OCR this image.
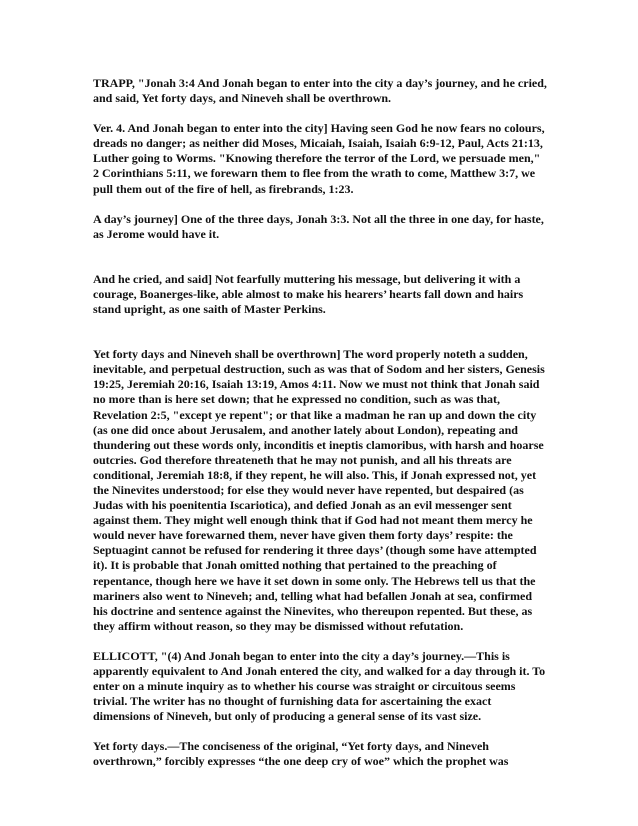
TRAPP, "Jonah 3:4 And Jonah began to enter into the city a day’s journey, and he cried, and said, Yet forty days, and Nineveh shall be overthrown.

Ver. 4. And Jonah began to enter into the city] Having seen God he now fears no colours, dreads no danger; as neither did Moses, Micaiah, Isaiah, Isaiah 6:9-12, Paul, Acts 21:13, Luther going to Worms. "Knowing therefore the terror of the Lord, we persuade men," 2 Corinthians 5:11, we forewarn them to flee from the wrath to come, Matthew 3:7, we pull them out of the fire of hell, as firebrands, 1:23.

A day’s journey] One of the three days, Jonah 3:3. Not all the three in one day, for haste, as Jerome would have it.

And he cried, and said] Not fearfully muttering his message, but delivering it with a courage, Boanerges-like, able almost to make his hearers’ hearts fall down and hairs stand upright, as one saith of Master Perkins.

Yet forty days and Nineveh shall be overthrown] The word properly noteth a sudden, inevitable, and perpetual destruction, such as was that of Sodom and her sisters, Genesis 19:25, Jeremiah 20:16, Isaiah 13:19, Amos 4:11. Now we must not think that Jonah said no more than is here set down; that he expressed no condition, such as was that, Revelation 2:5, "except ye repent"; or that like a madman he ran up and down the city (as one did once about Jerusalem, and another lately about London), repeating and thundering out these words only, inconditis et ineptis clamoribus, with harsh and hoarse outcries. God therefore threateneth that he may not punish, and all his threats are conditional, Jeremiah 18:8, if they repent, he will also. This, if Jonah expressed not, yet the Ninevites understood; for else they would never have repented, but despaired (as Judas with his poenitentia Iscariotica), and defied Jonah as an evil messenger sent against them. They might well enough think that if God had not meant them mercy he would never have forewarned them, never have given them forty days’ respite: the Septuagint cannot be refused for rendering it three days’ (though some have attempted it). It is probable that Jonah omitted nothing that pertained to the preaching of repentance, though here we have it set down in some only. The Hebrews tell us that the mariners also went to Nineveh; and, telling what had befallen Jonah at sea, confirmed his doctrine and sentence against the Ninevites, who thereupon repented. But these, as they affirm without reason, so they may be dismissed without refutation.

ELLICOTT, "(4) And Jonah began to enter into the city a day’s journey.—This is apparently equivalent to And Jonah entered the city, and walked for a day through it. To enter on a minute inquiry as to whether his course was straight or circuitous seems trivial. The writer has no thought of furnishing data for ascertaining the exact dimensions of Nineveh, but only of producing a general sense of its vast size.

Yet forty days.—The conciseness of the original, “Yet forty days, and Nineveh overthrown,” forcibly expresses “the one deep cry of woe” which the prophet was
